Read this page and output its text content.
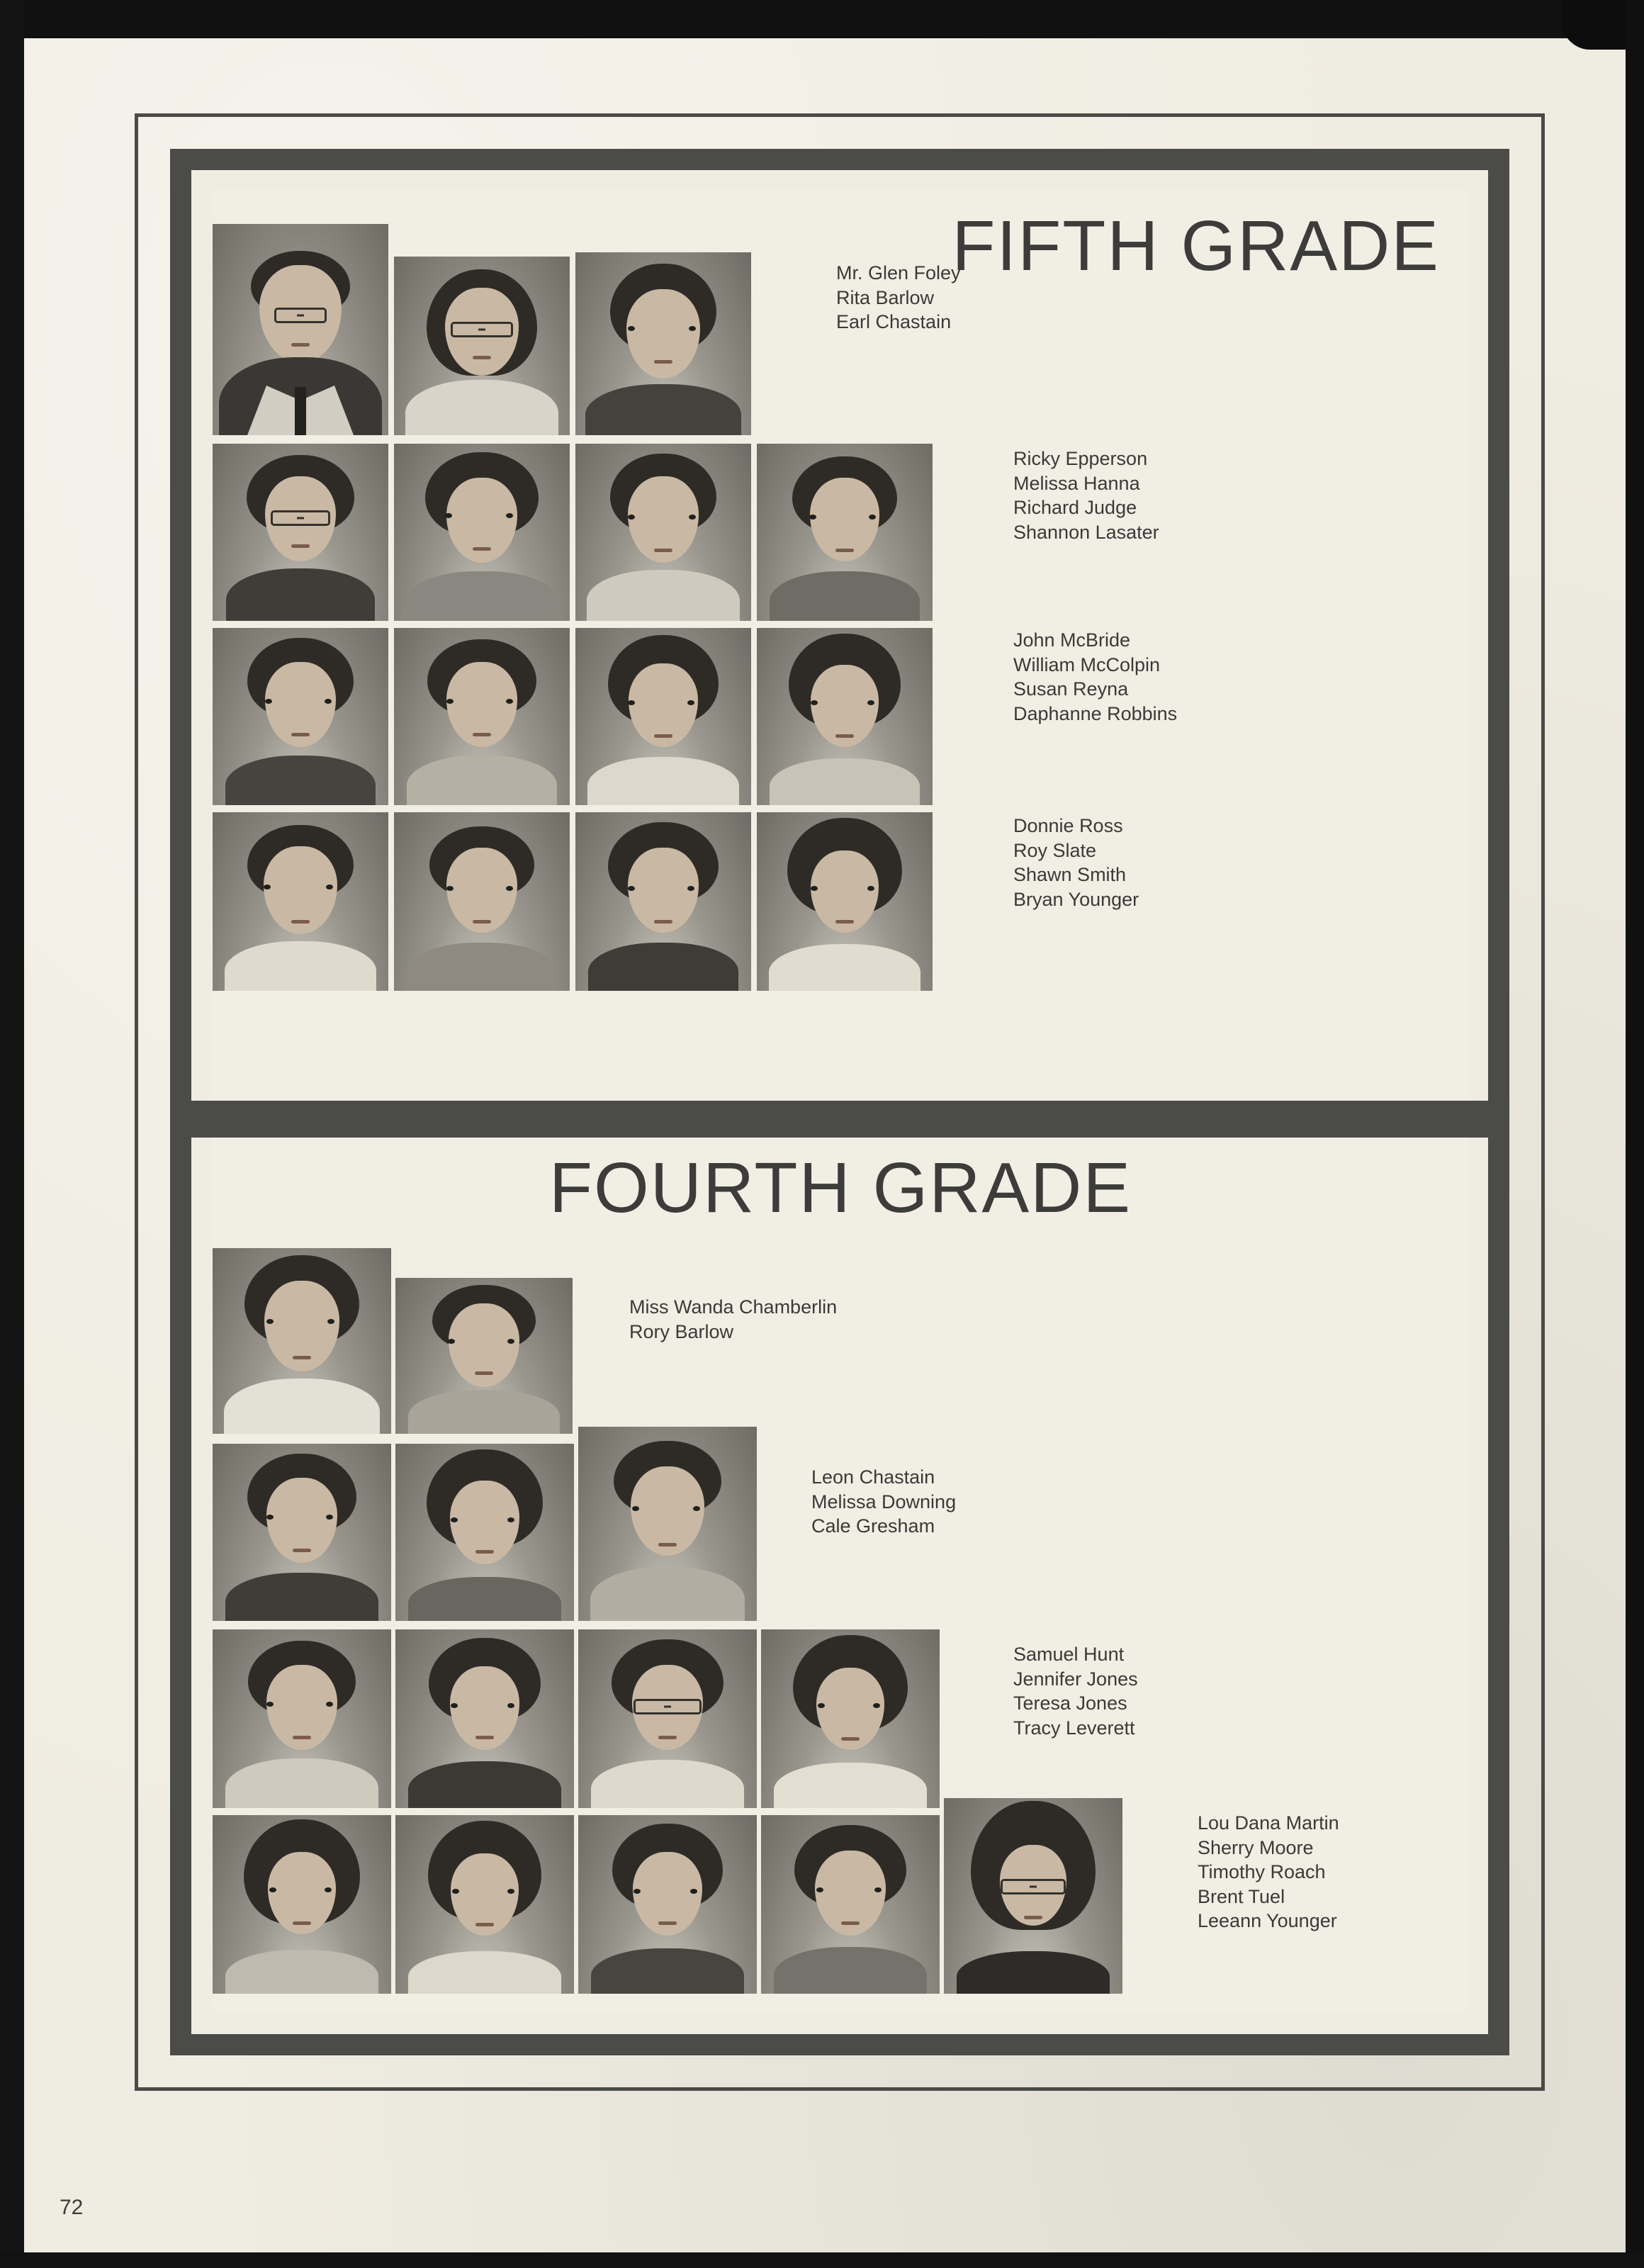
FIFTH GRADE
Mr. Glen Foley
Rita Barlow
Earl Chastain
Ricky Epperson
Melissa Hanna
Richard Judge
Shannon Lasater
John McBride
William McColpin
Susan Reyna
Daphanne Robbins
Donnie Ross
Roy Slate
Shawn Smith
Bryan Younger
FOURTH GRADE
Miss Wanda Chamberlin
Rory Barlow
Leon Chastain
Melissa Downing
Cale Gresham
Samuel Hunt
Jennifer Jones
Teresa Jones
Tracy Leverett
Lou Dana Martin
Sherry Moore
Timothy Roach
Brent Tuel
Leeann Younger
72
